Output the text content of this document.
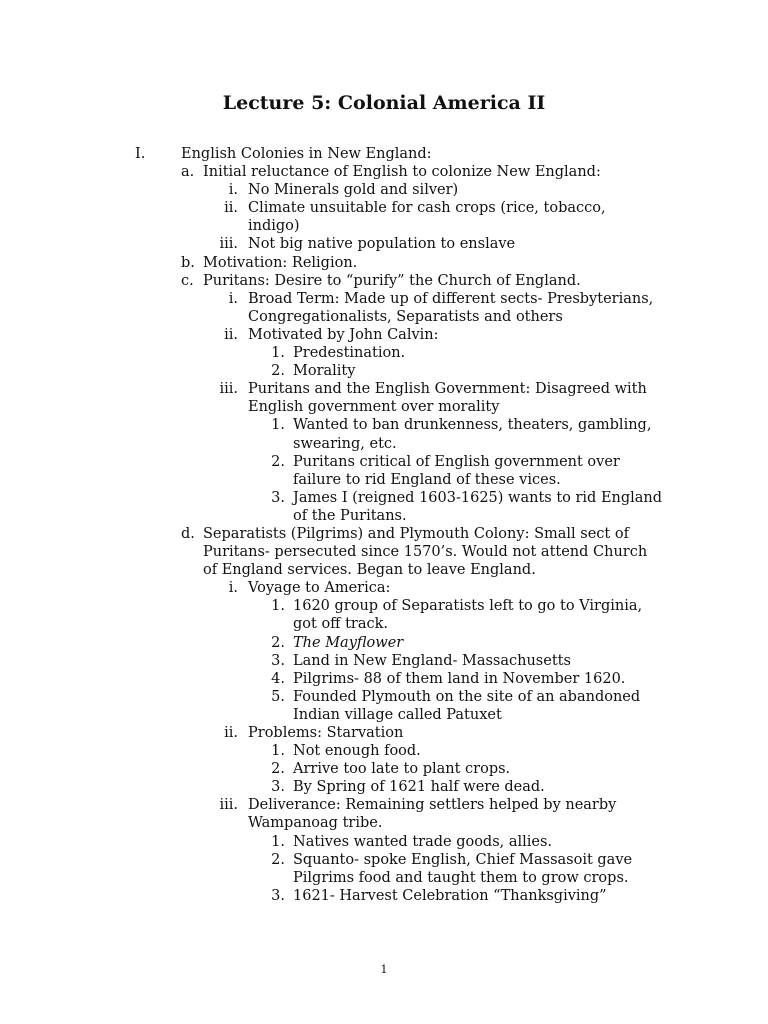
Lecture 5: Colonial America II
I. English Colonies in New England:
a. Initial reluctance of English to colonize New England:
i. No Minerals gold and silver)
ii. Climate unsuitable for cash crops (rice, tobacco, indigo)
iii. Not big native population to enslave
b. Motivation: Religion.
c. Puritans: Desire to “purify” the Church of England.
i. Broad Term: Made up of different sects- Presbyterians, Congregationalists, Separatists and others
ii. Motivated by John Calvin:
1. Predestination.
2. Morality
iii. Puritans and the English Government: Disagreed with English government over morality
1. Wanted to ban drunkenness, theaters, gambling, swearing, etc.
2. Puritans critical of English government over failure to rid England of these vices.
3. James I (reigned 1603-1625) wants to rid England of the Puritans.
d. Separatists (Pilgrims) and Plymouth Colony: Small sect of Puritans- persecuted since 1570’s. Would not attend Church of England services. Began to leave England.
i. Voyage to America:
1. 1620 group of Separatists left to go to Virginia, got off track.
2. The Mayflower
3. Land in New England- Massachusetts
4. Pilgrims- 88 of them land in November 1620.
5. Founded Plymouth on the site of an abandoned Indian village called Patuxet
ii. Problems: Starvation
1. Not enough food.
2. Arrive too late to plant crops.
3. By Spring of 1621 half were dead.
iii. Deliverance: Remaining settlers helped by nearby Wampanoag tribe.
1. Natives wanted trade goods, allies.
2. Squanto- spoke English, Chief Massasoit gave Pilgrims food and taught them to grow crops.
3. 1621- Harvest Celebration “Thanksgiving”
1
